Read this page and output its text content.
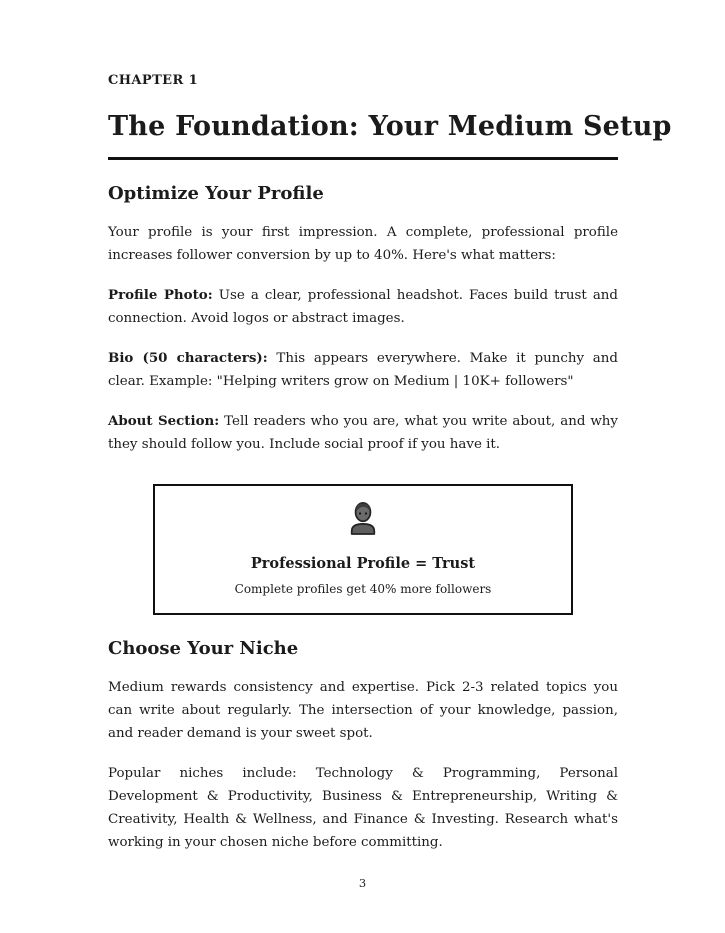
CHAPTER 1
The Foundation: Your Medium Setup
Optimize Your Profile

Your profile is your first impression. A complete, professional profile increases follower conversion by up to 40%. Here's what matters:

Profile Photo: Use a clear, professional headshot. Faces build trust and connection. Avoid logos or abstract images.

Bio (50 characters): This appears everywhere. Make it punchy and clear. Example: "Helping writers grow on Medium | 10K+ followers"

About Section: Tell readers who you are, what you write about, and why they should follow you. Include social proof if you have it.

Professional Profile = Trust
Complete profiles get 40% more followers
Choose Your Niche

Medium rewards consistency and expertise. Pick 2-3 related topics you can write about regularly. The intersection of your knowledge, passion, and reader demand is your sweet spot.

Popular niches include: Technology & Programming, Personal Development & Productivity, Business & Entrepreneurship, Writing & Creativity, Health & Wellness, and Finance & Investing. Research what's working in your chosen niche before committing.

3
